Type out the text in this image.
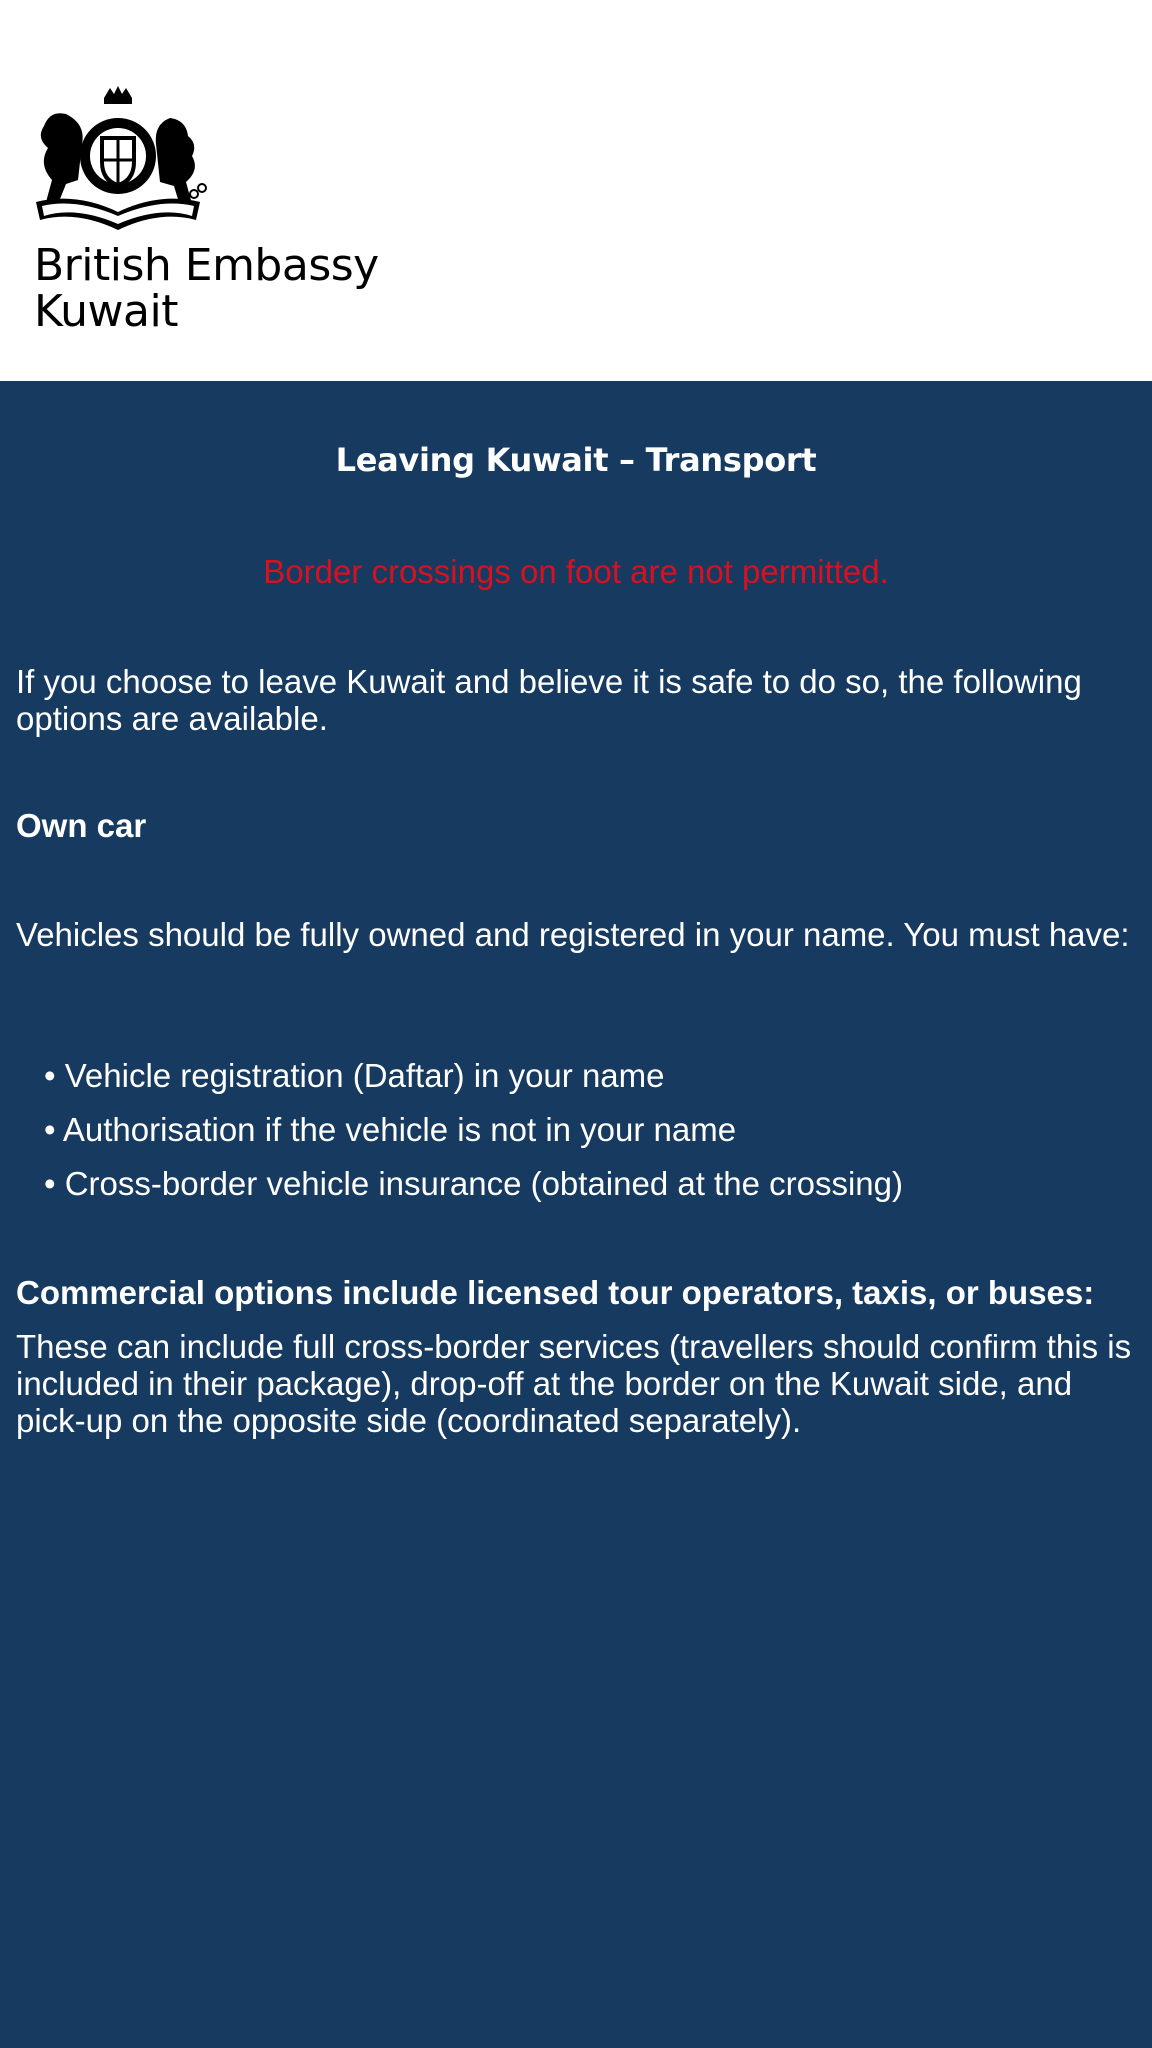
British Embassy
Kuwait
Leaving Kuwait – Transport
Border crossings on foot are not permitted.

If you choose to leave Kuwait and believe it is safe to do so, the following options are available.

Own car

Vehicles should be fully owned and registered in your name. You must have:

• Vehicle registration (Daftar) in your name
• Authorisation if the vehicle is not in your name
• Cross-border vehicle insurance (obtained at the crossing)
Commercial options include licensed tour operators, taxis, or buses:

These can include full cross-border services (travellers should confirm this is included in their package), drop-off at the border on the Kuwait side, and pick-up on the opposite side (coordinated separately).
